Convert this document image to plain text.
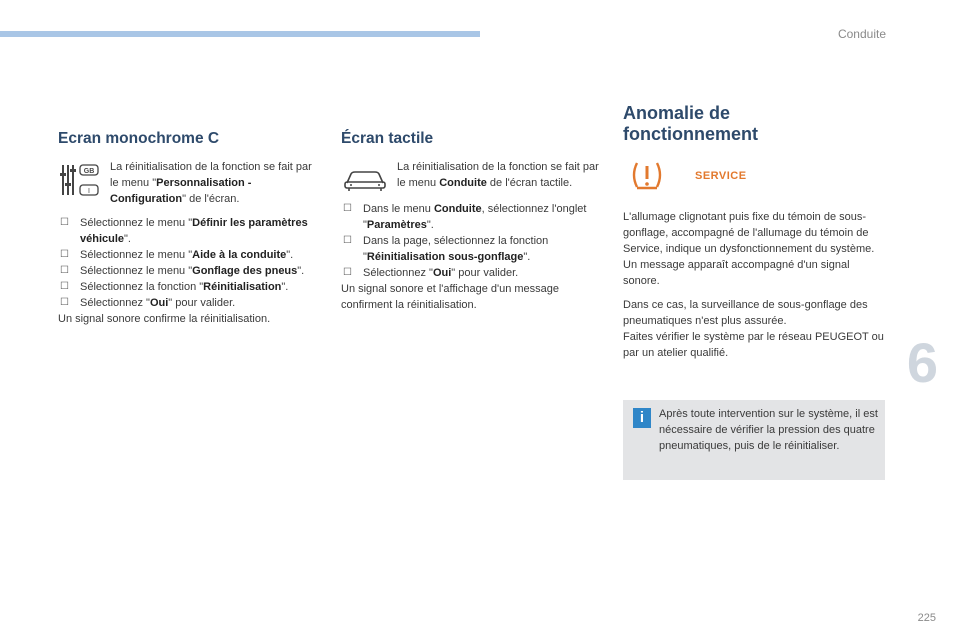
Conduite
6
225
Ecran monochrome C
GB
I

La réinitialisation de la fonction se fait par le menu "Personnalisation - Configuration" de l'écran.

☐ Sélectionnez le menu "Définir les paramètres véhicule".
☐ Sélectionnez le menu "Aide à la conduite".
☐ Sélectionnez le menu "Gonflage des pneus".
☐ Sélectionnez la fonction "Réinitialisation".
☐ Sélectionnez "Oui" pour valider.

Un signal sonore confirme la réinitialisation.

Écran tactile

La réinitialisation de la fonction se fait par le menu Conduite de l'écran tactile.

☐ Dans le menu Conduite, sélectionnez l'onglet "Paramètres".
☐ Dans la page, sélectionnez la fonction "Réinitialisation sous-gonflage".
☐ Sélectionnez "Oui" pour valider.

Un signal sonore et l'affichage d'un message confirment la réinitialisation.

Anomalie de
fonctionnement
SERVICE

L'allumage clignotant puis fixe du témoin de sous-gonflage, accompagné de l'allumage du témoin de Service, indique un dysfonctionnement du système.

Un message apparaît accompagné d'un signal sonore.

Dans ce cas, la surveillance de sous-gonflage des pneumatiques n'est plus assurée.

Faites vérifier le système par le réseau PEUGEOT ou par un atelier qualifié.

i	Après toute intervention sur le système, il est nécessaire de vérifier la pression des quatre pneumatiques, puis de le réinitialiser.
